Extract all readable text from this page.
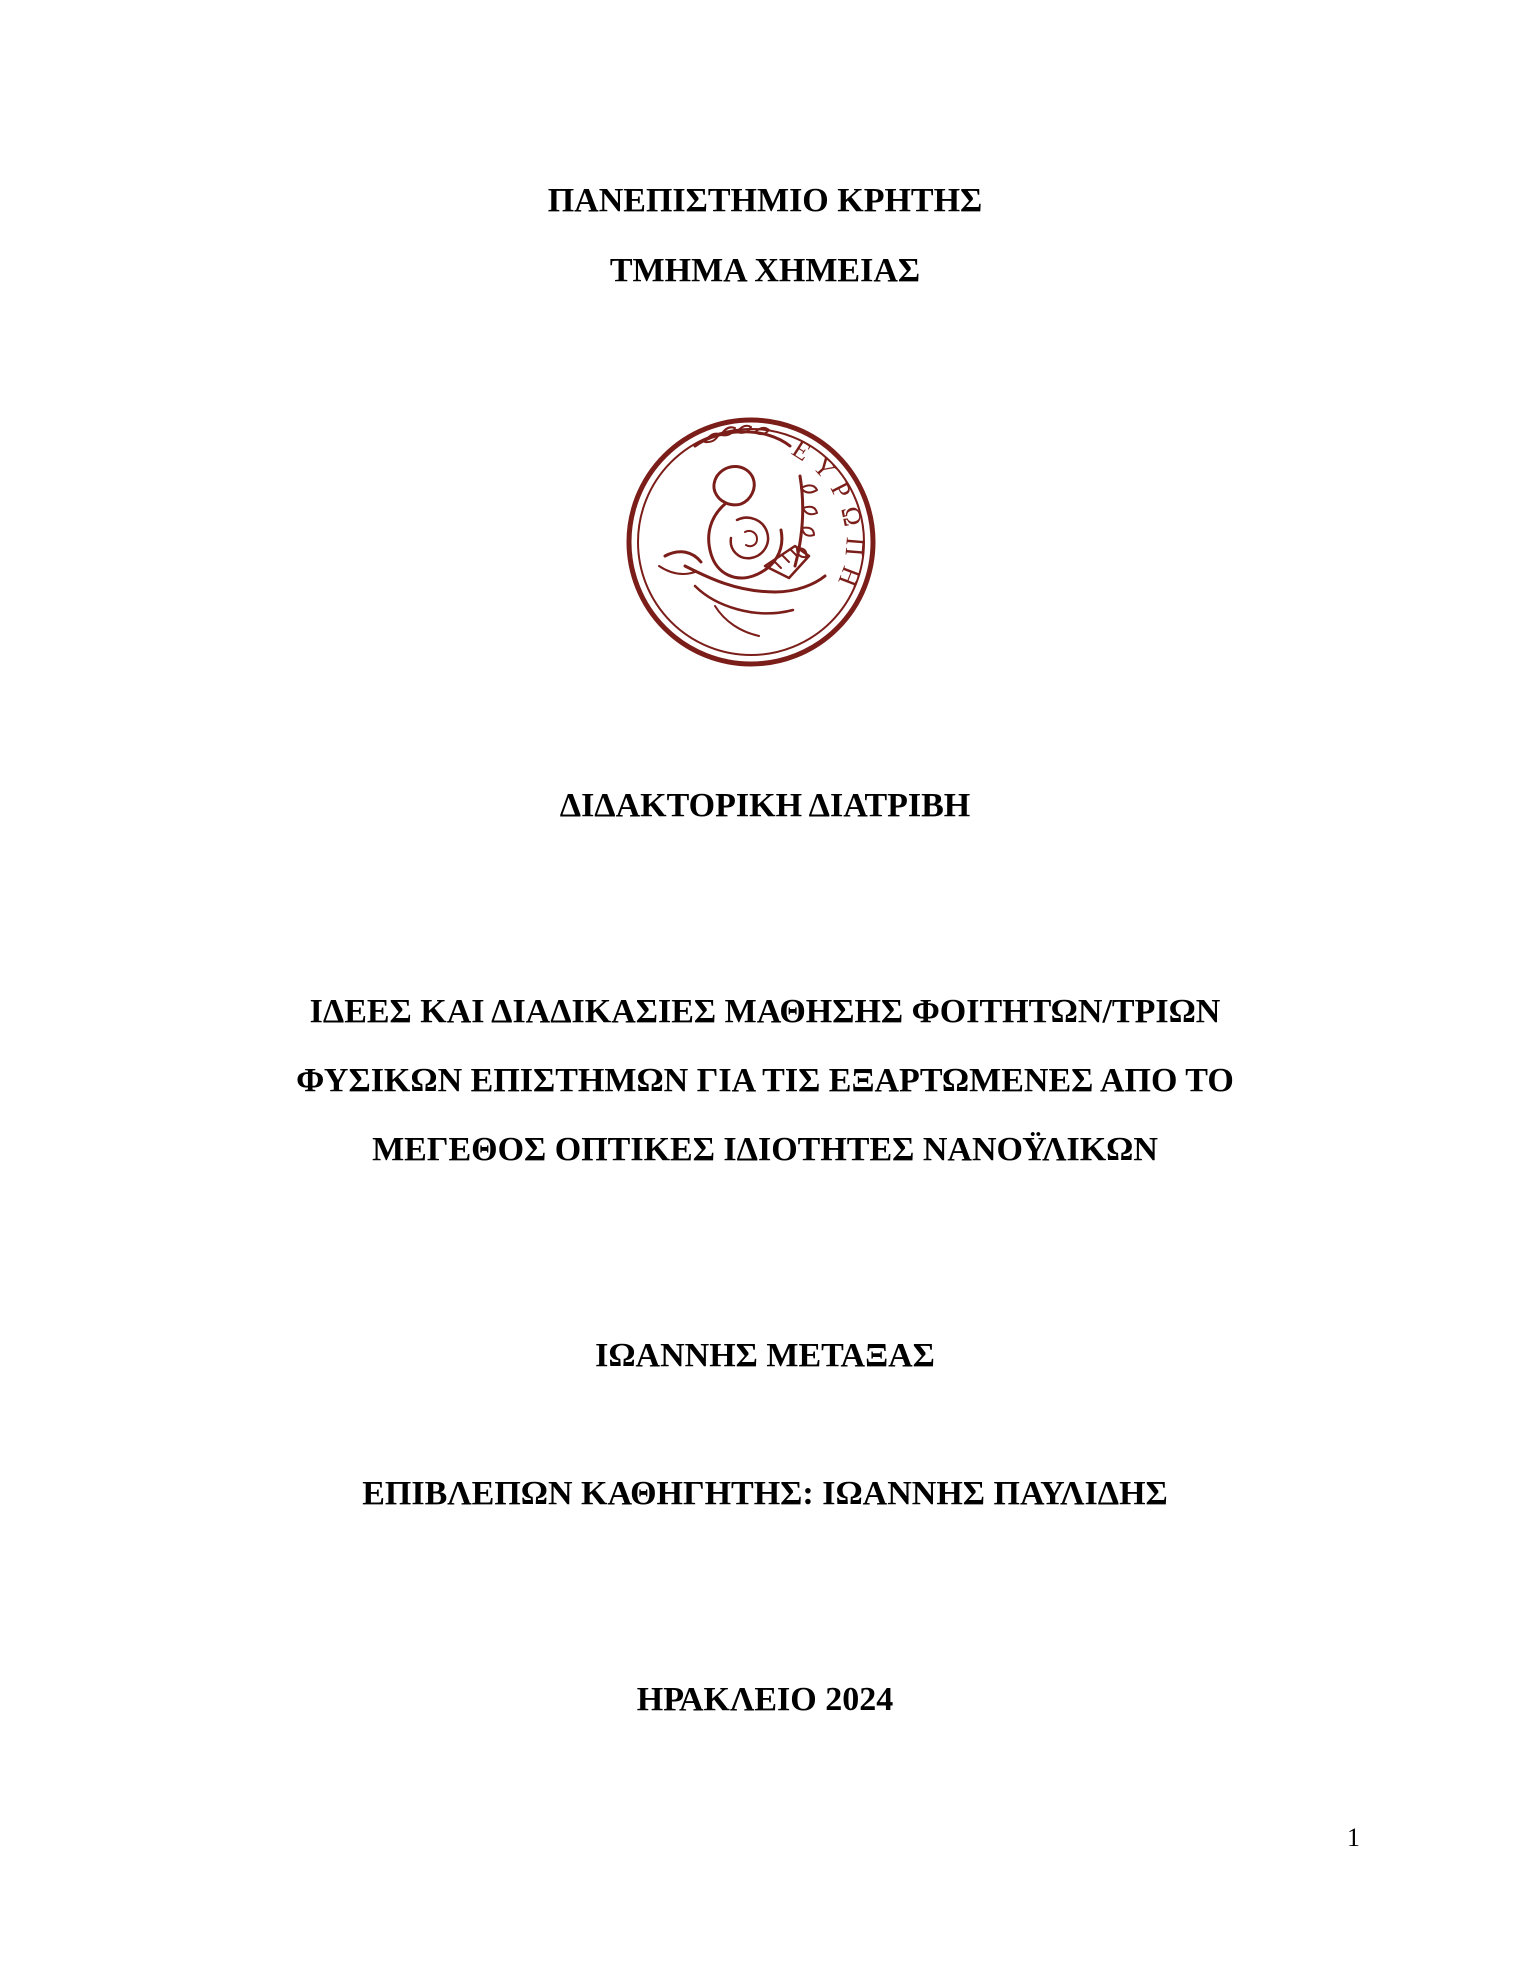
ΠΑΝΕΠΙΣΤΗΜΙΟ ΚΡΗΤΗΣ
ΤΜΗΜΑ ΧΗΜΕΙΑΣ
ΕΥΡΩΠΗ
ΔΙΔΑΚΤΟΡΙΚΗ ΔΙΑΤΡΙΒΗ
ΙΔΕΕΣ ΚΑΙ ΔΙΑΔΙΚΑΣΙΕΣ ΜΑΘΗΣΗΣ ΦΟΙΤΗΤΩΝ/ΤΡΙΩΝ
ΦΥΣΙΚΩΝ ΕΠΙΣΤΗΜΩΝ ΓΙΑ ΤΙΣ ΕΞΑΡΤΩΜΕΝΕΣ ΑΠΟ ΤΟ
ΜΕΓΕΘΟΣ ΟΠΤΙΚΕΣ ΙΔΙΟΤΗΤΕΣ ΝΑΝΟΫΛΙΚΩΝ
ΙΩΑΝΝΗΣ ΜΕΤΑΞΑΣ
ΕΠΙΒΛΕΠΩΝ ΚΑΘΗΓΗΤΗΣ: ΙΩΑΝΝΗΣ ΠΑΥΛΙΔΗΣ
ΗΡΑΚΛΕΙΟ 2024
1
